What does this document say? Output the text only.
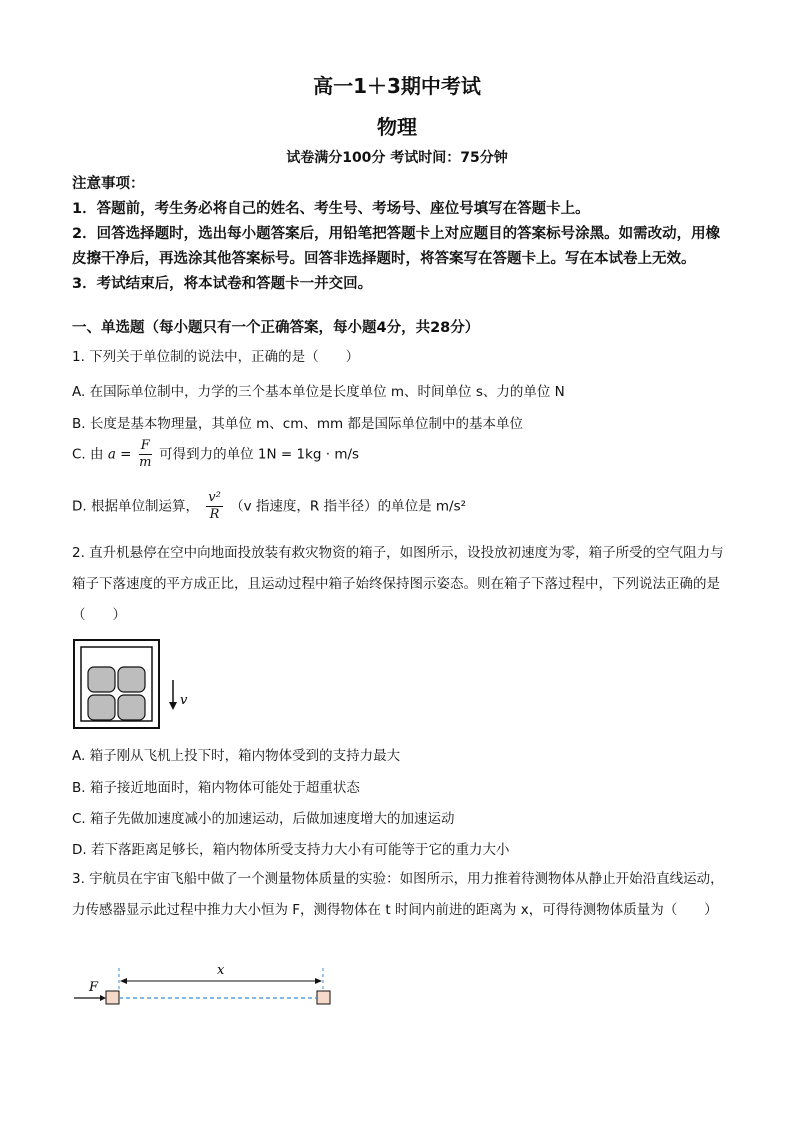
高一1＋3期中考试
物理
试卷满分100分 考试时间：75分钟

注意事项：

1．答题前，考生务必将自己的姓名、考生号、考场号、座位号填写在答题卡上。

2．回答选择题时，选出每小题答案后，用铅笔把答题卡上对应题目的答案标号涂黑。如需改动，用橡皮擦干净后，再选涂其他答案标号。回答非选择题时，将答案写在答题卡上。写在本试卷上无效。

3．考试结束后，将本试卷和答题卡一并交回。

一、单选题（每小题只有一个正确答案，每小题4分，共28分）
1. 下列关于单位制的说法中，正确的是（　　）
A. 在国际单位制中，力学的三个基本单位是长度单位 m、时间单位 s、力的单位 N
B. 长度是基本物理量，其单位 m、cm、mm 都是国际单位制中的基本单位
C. 由 $a = \frac{F}{m}$ 可得到力的单位 1N = 1kg · m/s
D. 根据单位制运算， $\frac{\text{v²}}{R} (v$ 指速度，R 指半径）的单位是 m/s²
2. 直升机悬停在空中向地面投放装有救灾物资的箱子，如图所示，设投放初速度为零，箱子所受的空气阻力与箱子下落速度的平方成正比，且运动过程中箱子始终保持图示姿态。则在箱子下落过程中，下列说法正确的是（　　）
v
A. 箱子刚从飞机上投下时，箱内物体受到的支持力最大
B. 箱子接近地面时，箱内物体可能处于超重状态
C. 箱子先做加速度减小的加速运动，后做加速度增大的加速运动
D. 若下落距离足够长，箱内物体所受支持力大小有可能等于它的重力大小
3. 宇航员在宇宙飞船中做了一个测量物体质量的实验：如图所示，用力推着待测物体从静止开始沿直线运动，力传感器显示此过程中推力大小恒为 F，测得物体在 t 时间内前进的距离为 x，可得待测物体质量为（　　）
F
x
